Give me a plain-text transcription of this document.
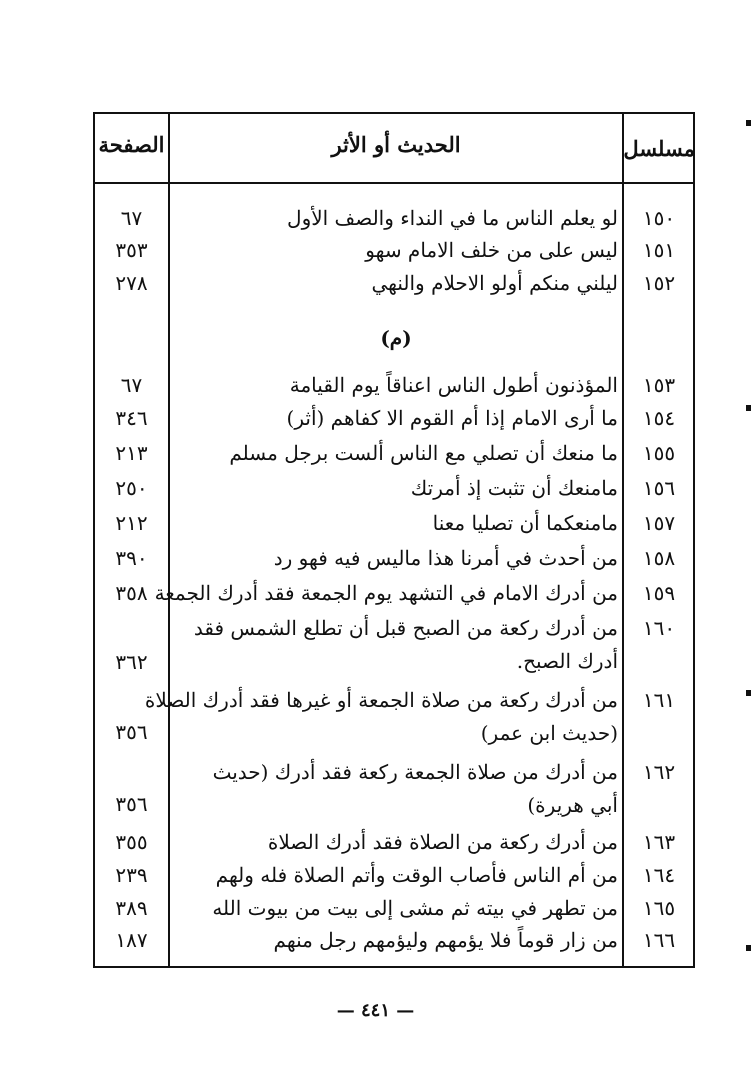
مسلسل
الحديث أو الأثر
الصفحة
١٥٠
لو يعلم الناس ما في النداء والصف الأول
٦٧
١٥١
ليس على من خلف الامام سهو
٣٥٣
١٥٢
ليلني منكم أولو الاحلام والنهي
٢٧٨
(م)
١٥٣
المؤذنون أطول الناس اعناقاً يوم القيامة
٦٧
١٥٤
ما أرى الامام إذا أم القوم الا كفاهم (أثر)
٣٤٦
١٥٥
ما منعك أن تصلي مع الناس ألست برجل مسلم
٢١٣
١٥٦
مامنعك أن تثبت إذ أمرتك
٢٥٠
١٥٧
مامنعكما أن تصليا معنا
٢١٢
١٥٨
من أحدث في أمرنا هذا ماليس فيه فهو رد
٣٩٠
١٥٩
من أدرك الامام في التشهد يوم الجمعة فقد أدرك الجمعة
٣٥٨
١٦٠
من أدرك ركعة من الصبح قبل أن تطلع الشمس فقد
أدرك الصبح.
٣٦٢
١٦١
من أدرك ركعة من صلاة الجمعة أو غيرها فقد أدرك الصلاة
(حديث ابن عمر)
٣٥٦
١٦٢
من أدرك من صلاة الجمعة ركعة فقد أدرك (حديث
أبي هريرة)
٣٥٦
١٦٣
من أدرك ركعة من الصلاة فقد أدرك الصلاة
٣٥٥
١٦٤
من أم الناس فأصاب الوقت وأتم الصلاة فله ولهم
٢٣٩
١٦٥
من تطهر في بيته ثم مشى إلى بيت من بيوت الله
٣٨٩
١٦٦
من زار قوماً فلا يؤمهم وليؤمهم رجل منهم
١٨٧
— ٤٤١ —
